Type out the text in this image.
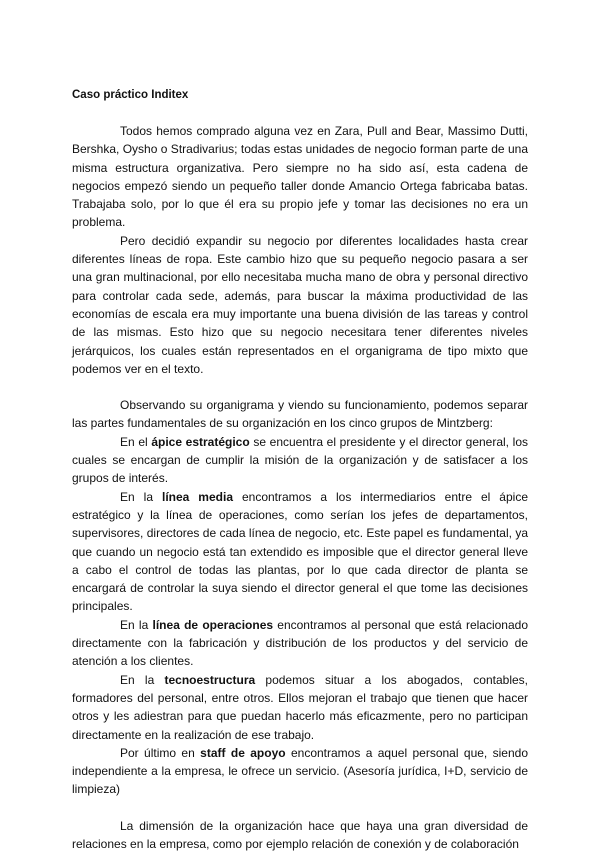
Caso práctico Inditex

Todos hemos comprado alguna vez en Zara, Pull and Bear, Massimo Dutti, Bershka, Oysho o Stradivarius; todas estas unidades de negocio forman parte de una misma estructura organizativa. Pero siempre no ha sido así, esta cadena de negocios empezó siendo un pequeño taller donde Amancio Ortega fabricaba batas. Trabajaba solo, por lo que él era su propio jefe y tomar las decisiones no era un problema.

Pero decidió expandir su negocio por diferentes localidades hasta crear diferentes líneas de ropa. Este cambio hizo que su pequeño negocio pasara a ser una gran multinacional, por ello necesitaba mucha mano de obra y personal directivo para controlar cada sede, además, para buscar la máxima productividad de las economías de escala era muy importante una buena división de las tareas y control de las mismas. Esto hizo que su negocio necesitara tener diferentes niveles jerárquicos, los cuales están representados en el organigrama de tipo mixto que podemos ver en el texto.

Observando su organigrama y viendo su funcionamiento, podemos separar las partes fundamentales de su organización en los cinco grupos de Mintzberg:

En el ápice estratégico se encuentra el presidente y el director general, los cuales se encargan de cumplir la misión de la organización y de satisfacer a los grupos de interés.

En la línea media encontramos a los intermediarios entre el ápice estratégico y la línea de operaciones, como serían los jefes de departamentos, supervisores, directores de cada línea de negocio, etc. Este papel es fundamental, ya que cuando un negocio está tan extendido es imposible que el director general lleve a cabo el control de todas las plantas, por lo que cada director de planta se encargará de controlar la suya siendo el director general el que tome las decisiones principales.

En la línea de operaciones encontramos al personal que está relacionado directamente con la fabricación y distribución de los productos y del servicio de atención a los clientes.

En la tecnoestructura podemos situar a los abogados, contables, formadores del personal, entre otros. Ellos mejoran el trabajo que tienen que hacer otros y les adiestran para que puedan hacerlo más eficazmente, pero no participan directamente en la realización de ese trabajo.

Por último en staff de apoyo encontramos a aquel personal que, siendo independiente a la empresa, le ofrece un servicio. (Asesoría jurídica, I+D, servicio de limpieza)

La dimensión de la organización hace que haya una gran diversidad de relaciones en la empresa, como por ejemplo relación de conexión y de colaboración
